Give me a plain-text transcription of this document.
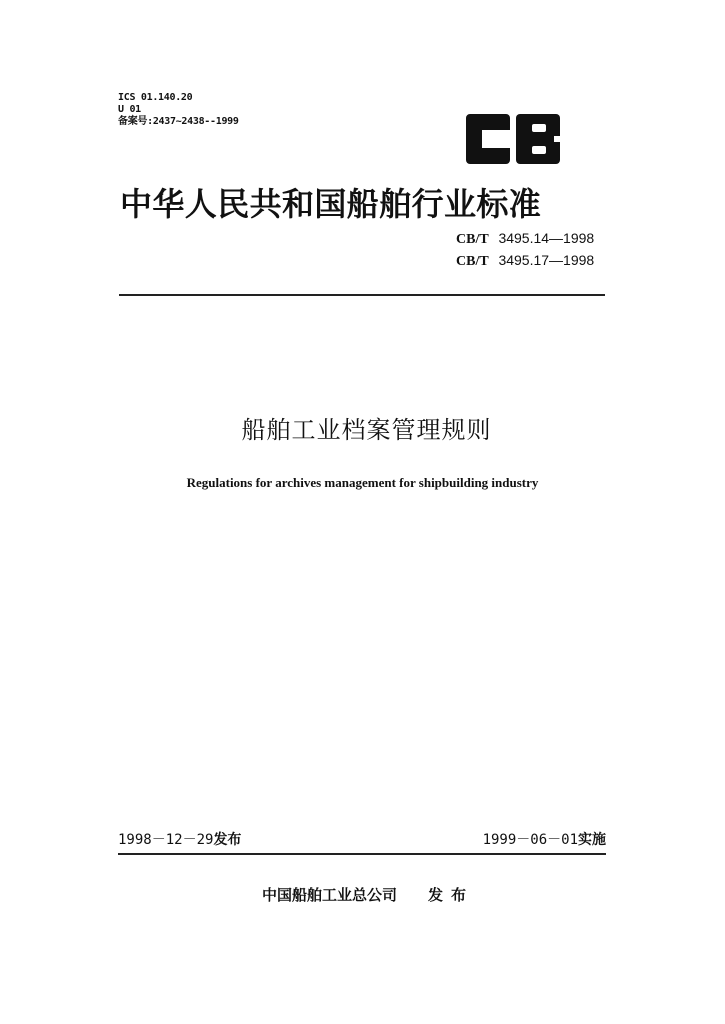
ICS 01.140.20
U 01
备案号:2437~2438--1999
中华人民共和国船舶行业标准
CB/T 3495.14—1998
CB/T 3495.17—1998
船舶工业档案管理规则
Regulations for archives management for shipbuilding industry
1998－12－29发布	1999－06－01实施
中国船舶工业总公司 发布
